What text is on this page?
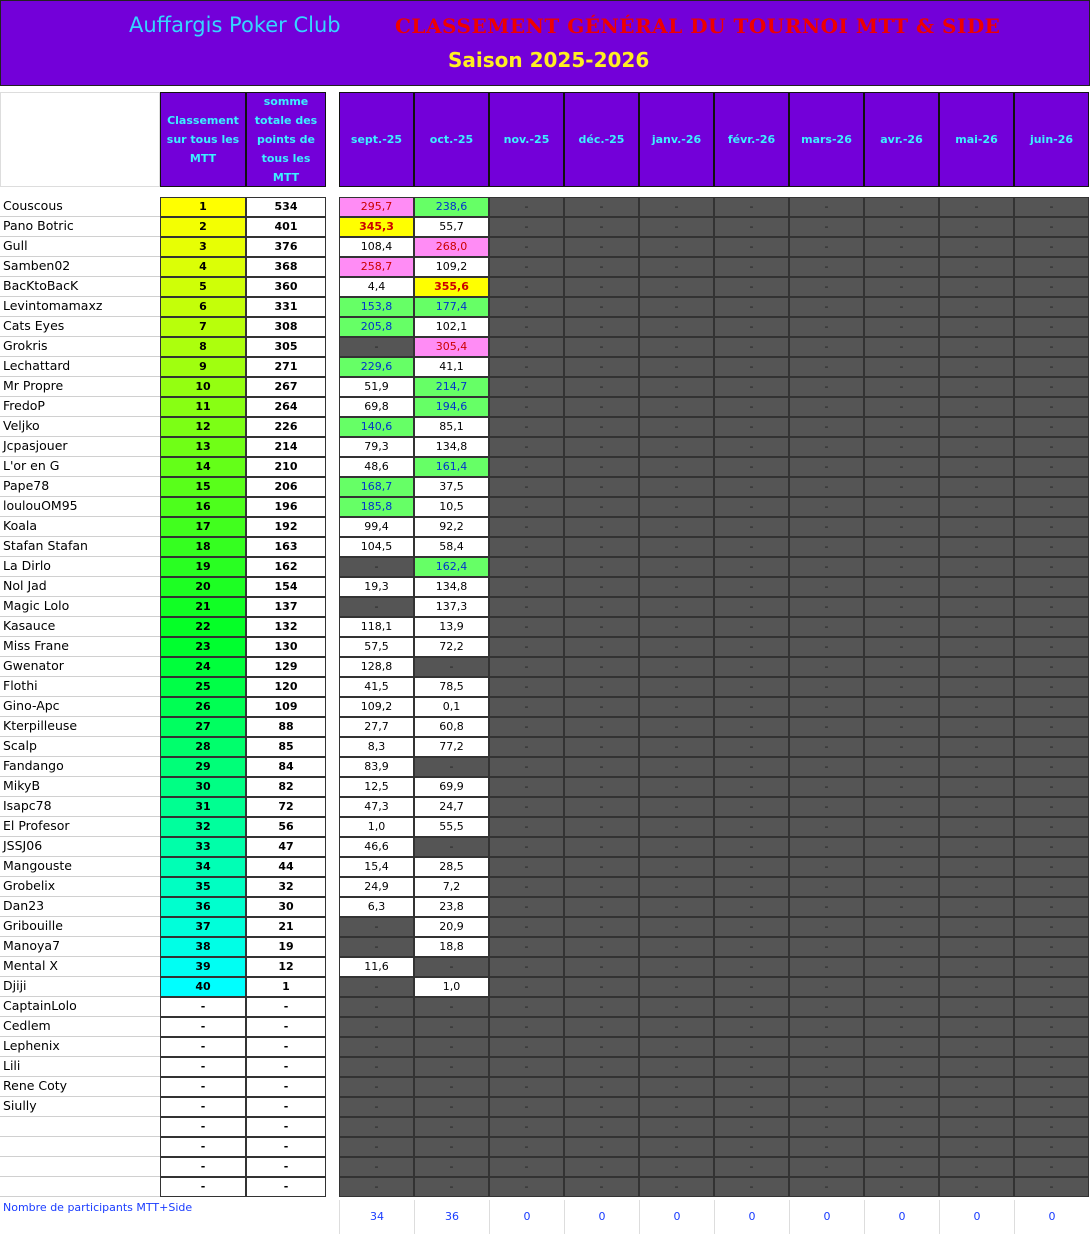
Auffargis Poker Club	CLASSEMENT GÉNÉRAL DU TOURNOI MTT & SIDE
Saison 2025-2026
Classement sur tous les MTT
somme totale des points de tous les MTT
sept.-25	oct.-25	nov.-25	déc.-25	janv.-26	févr.-26	mars-26	avr.-26	mai-26	juin-26
Couscous	1	534	295,7	238,6	-	-	-	-	-	-	-	-
Pano Botric	2	401	345,3	55,7	-	-	-	-	-	-	-	-
Gull	3	376	108,4	268,0	-	-	-	-	-	-	-	-
Samben02	4	368	258,7	109,2	-	-	-	-	-	-	-	-
BacKtoBacK	5	360	4,4	355,6	-	-	-	-	-	-	-	-
Levintomamaxz	6	331	153,8	177,4	-	-	-	-	-	-	-	-
Cats Eyes	7	308	205,8	102,1	-	-	-	-	-	-	-	-
Grokris	8	305	-	305,4	-	-	-	-	-	-	-	-
Lechattard	9	271	229,6	41,1	-	-	-	-	-	-	-	-
Mr Propre	10	267	51,9	214,7	-	-	-	-	-	-	-	-
FredoP	11	264	69,8	194,6	-	-	-	-	-	-	-	-
Veljko	12	226	140,6	85,1	-	-	-	-	-	-	-	-
Jcpasjouer	13	214	79,3	134,8	-	-	-	-	-	-	-	-
L'or en G	14	210	48,6	161,4	-	-	-	-	-	-	-	-
Pape78	15	206	168,7	37,5	-	-	-	-	-	-	-	-
loulouOM95	16	196	185,8	10,5	-	-	-	-	-	-	-	-
Koala	17	192	99,4	92,2	-	-	-	-	-	-	-	-
Stafan Stafan	18	163	104,5	58,4	-	-	-	-	-	-	-	-
La Dirlo	19	162	-	162,4	-	-	-	-	-	-	-	-
Nol Jad	20	154	19,3	134,8	-	-	-	-	-	-	-	-
Magic Lolo	21	137	-	137,3	-	-	-	-	-	-	-	-
Kasauce	22	132	118,1	13,9	-	-	-	-	-	-	-	-
Miss Frane	23	130	57,5	72,2	-	-	-	-	-	-	-	-
Gwenator	24	129	128,8	-	-	-	-	-	-	-	-	-
Flothi	25	120	41,5	78,5	-	-	-	-	-	-	-	-
Gino-Apc	26	109	109,2	0,1	-	-	-	-	-	-	-	-
Kterpilleuse	27	88	27,7	60,8	-	-	-	-	-	-	-	-
Scalp	28	85	8,3	77,2	-	-	-	-	-	-	-	-
Fandango	29	84	83,9	-	-	-	-	-	-	-	-	-
MikyB	30	82	12,5	69,9	-	-	-	-	-	-	-	-
Isapc78	31	72	47,3	24,7	-	-	-	-	-	-	-	-
El Profesor	32	56	1,0	55,5	-	-	-	-	-	-	-	-
JSSJ06	33	47	46,6	-	-	-	-	-	-	-	-	-
Mangouste	34	44	15,4	28,5	-	-	-	-	-	-	-	-
Grobelix	35	32	24,9	7,2	-	-	-	-	-	-	-	-
Dan23	36	30	6,3	23,8	-	-	-	-	-	-	-	-
Gribouille	37	21	-	20,9	-	-	-	-	-	-	-	-
Manoya7	38	19	-	18,8	-	-	-	-	-	-	-	-
Mental X	39	12	11,6	-	-	-	-	-	-	-	-	-
Djiji	40	1	-	1,0	-	-	-	-	-	-	-	-
CaptainLolo	-	-	-	-	-	-	-	-	-	-	-	-
Cedlem	-	-	-	-	-	-	-	-	-	-	-	-
Lephenix	-	-	-	-	-	-	-	-	-	-	-	-
Lili	-	-	-	-	-	-	-	-	-	-	-	-
Rene Coty	-	-	-	-	-	-	-	-	-	-	-	-
Siully	-	-	-	-	-	-	-	-	-	-	-	-
-	-	-	-	-	-	-	-	-	-	-	-
-	-	-	-	-	-	-	-	-	-	-	-
-	-	-	-	-	-	-	-	-	-	-	-
-	-	-	-	-	-	-	-	-	-	-	-
Nombre de participants MTT+Side
34	36	0	0	0	0	0	0	0	0
